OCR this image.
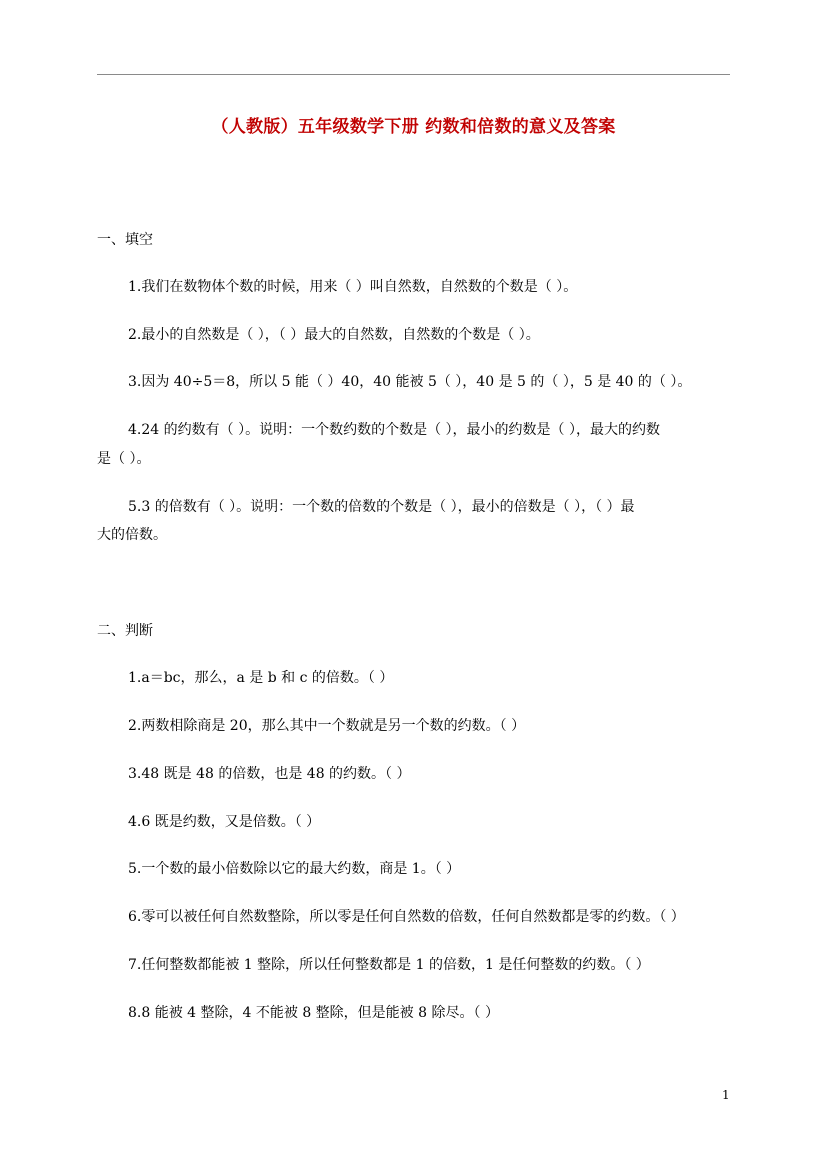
（人教版）五年级数学下册 约数和倍数的意义及答案
一、填空
1.我们在数物体个数的时候，用来（ ）叫自然数，自然数的个数是（ ）。
2.最小的自然数是（ ），（ ）最大的自然数，自然数的个数是（ ）。
3.因为 40÷5＝8，所以 5 能（ ）40，40 能被 5（ ），40 是 5 的（ ），5 是 40 的（ ）。
4.24 的约数有（ ）。说明：一个数约数的个数是（ ），最小的约数是（ ），最大的约数
是（ ）。
5.3 的倍数有（ ）。说明：一个数的倍数的个数是（ ），最小的倍数是（ ），（ ）最
大的倍数。
二、判断
1.a＝bc，那么，a 是 b 和 c 的倍数。（ ）
2.两数相除商是 20，那么其中一个数就是另一个数的约数。（ ）
3.48 既是 48 的倍数，也是 48 的约数。（ ）
4.6 既是约数，又是倍数。（ ）
5.一个数的最小倍数除以它的最大约数，商是 1。（ ）
6.零可以被任何自然数整除，所以零是任何自然数的倍数，任何自然数都是零的约数。（ ）
7.任何整数都能被 1 整除，所以任何整数都是 1 的倍数，1 是任何整数的约数。（ ）
8.8 能被 4 整除，4 不能被 8 整除，但是能被 8 除尽。（ ）
1
